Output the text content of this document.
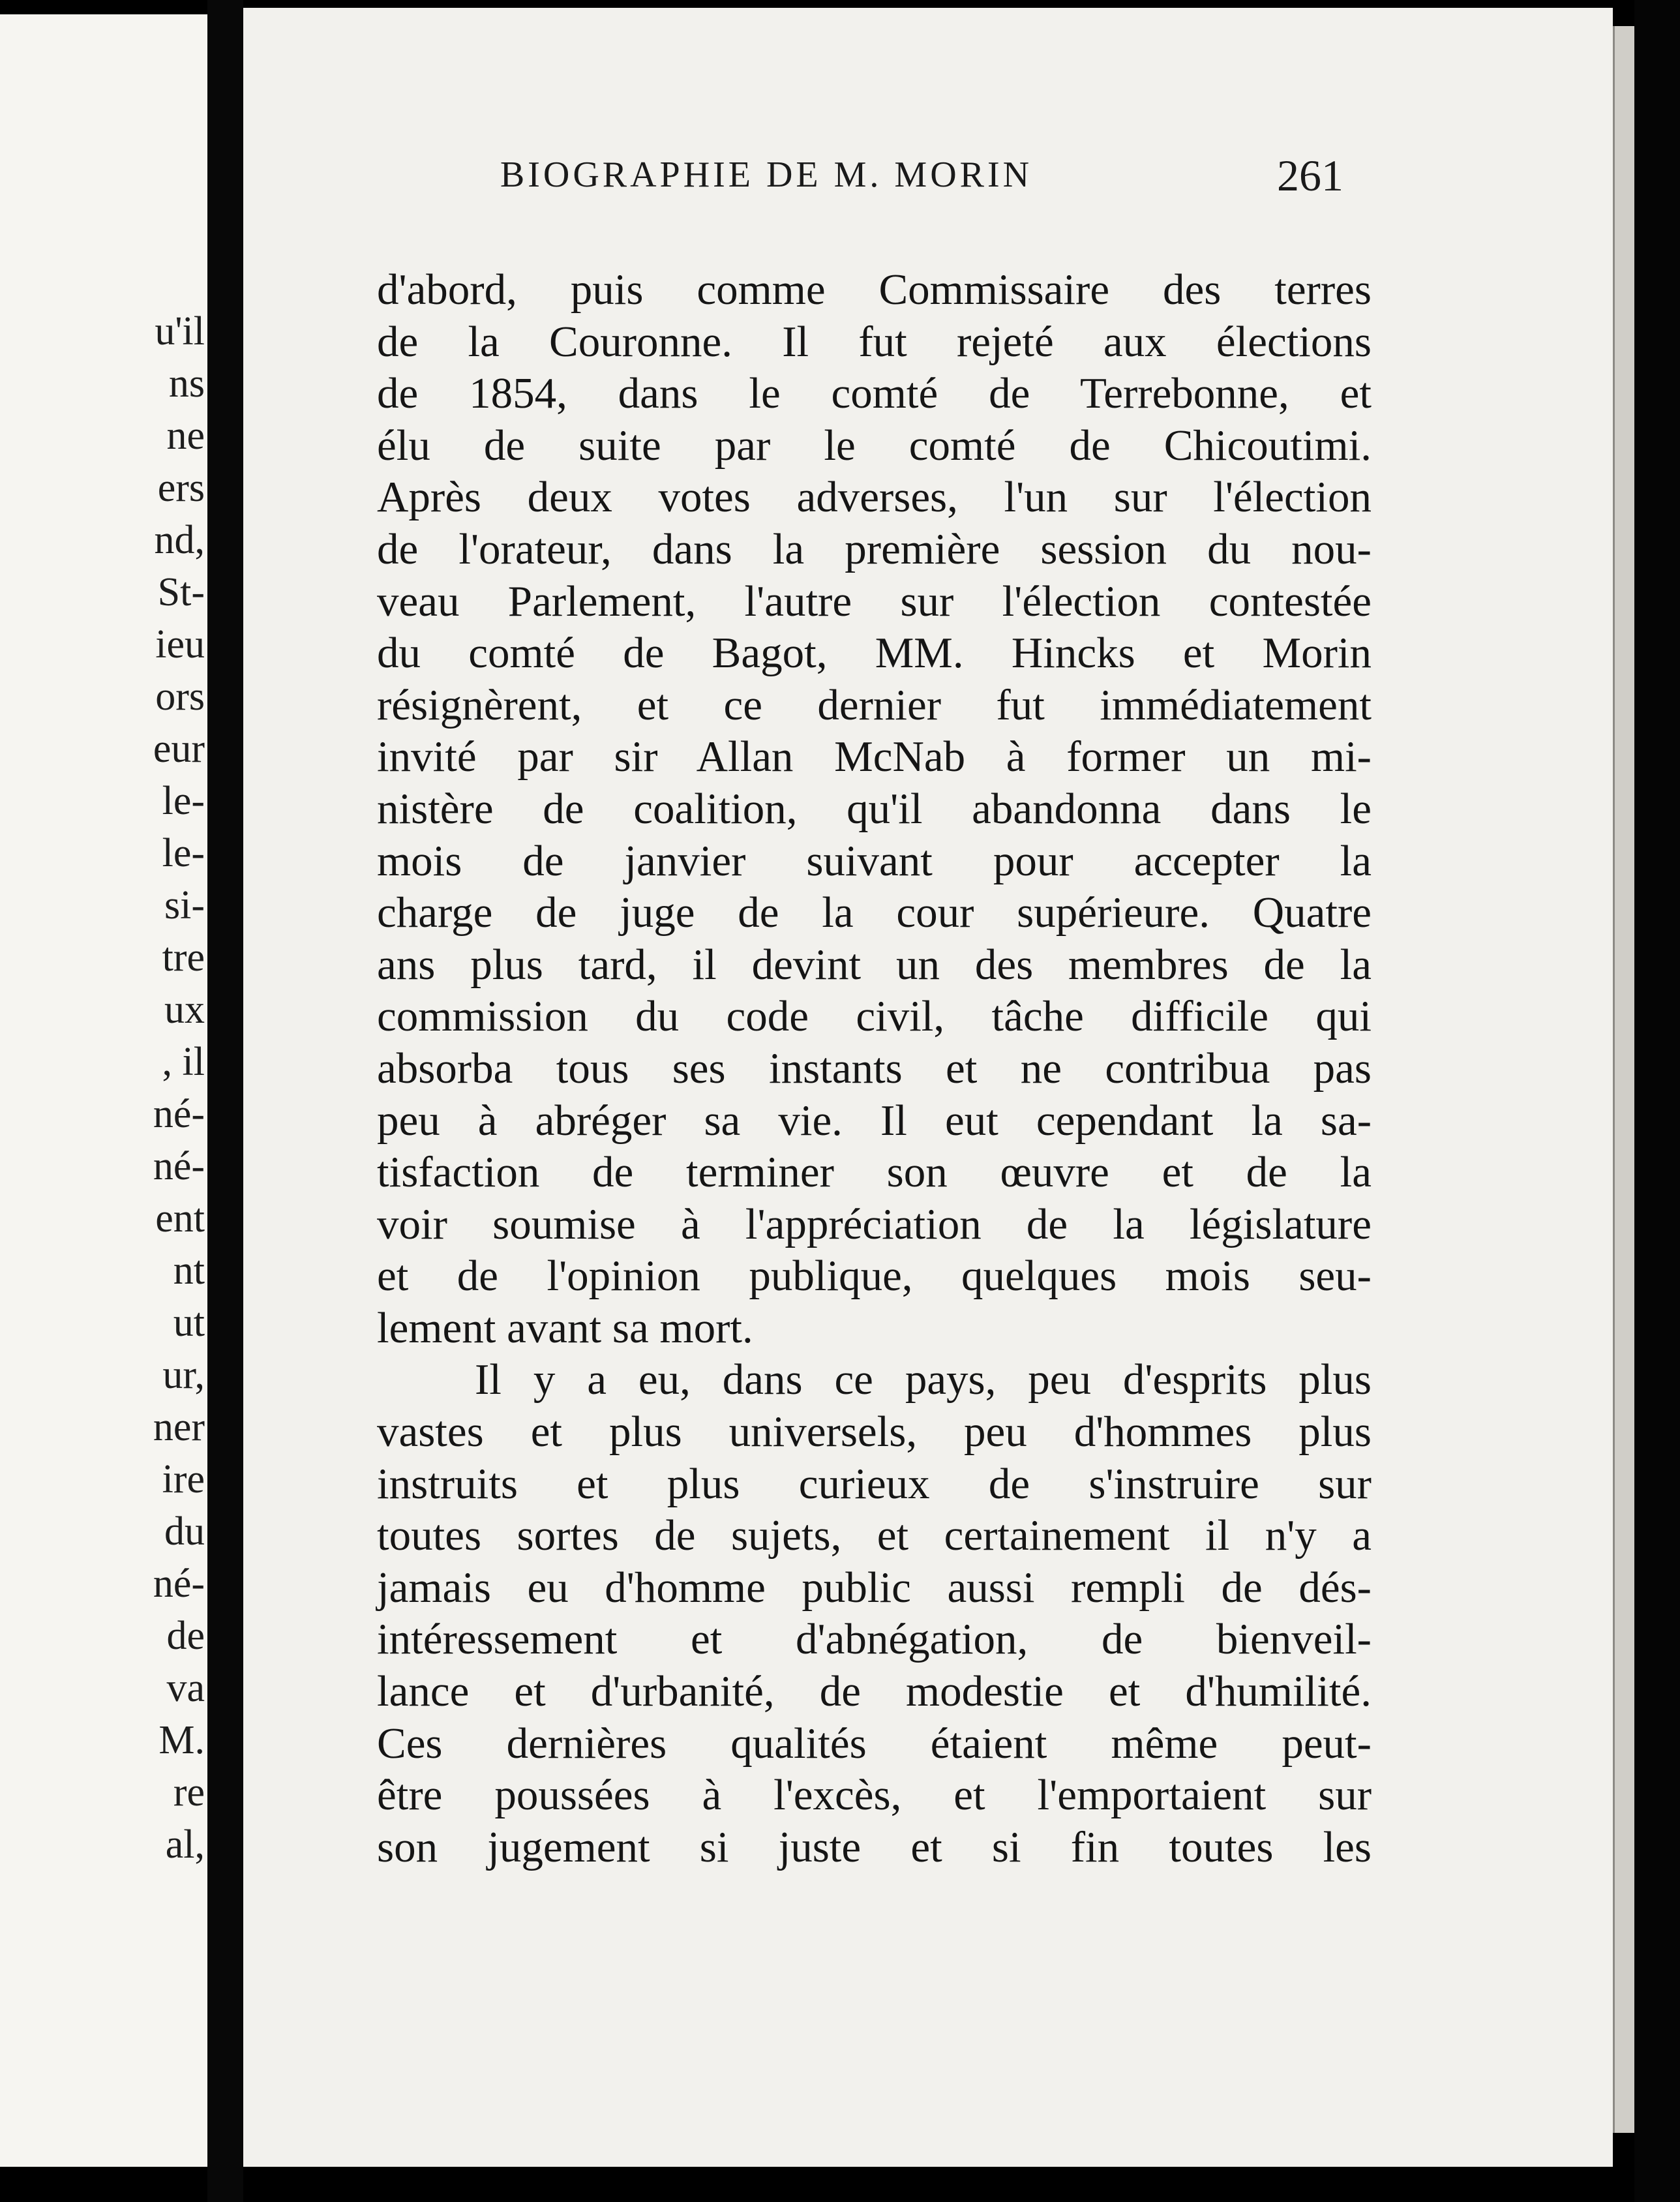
u'il
ns
ne
ers
nd,
St-
ieu
ors
eur
le-
le-
si-
tre
ux
, il
né-
né-
ent
nt
ut
ur,
ner
ire
du
né-
de
va
M.
re
al,
BIOGRAPHIE DE M. MORIN	261
d'abord, puis comme Commissaire des terres
de la Couronne. Il fut rejeté aux élections
de 1854, dans le comté de Terrebonne, et
élu de suite par le comté de Chicoutimi.
Après deux votes adverses, l'un sur l'élection
de l'orateur, dans la première session du nou-
veau Parlement, l'autre sur l'élection contestée
du comté de Bagot, MM. Hincks et Morin
résignèrent, et ce dernier fut immédiatement
invité par sir Allan McNab à former un mi-
nistère de coalition, qu'il abandonna dans le
mois de janvier suivant pour accepter la
charge de juge de la cour supérieure. Quatre
ans plus tard, il devint un des membres de la
commission du code civil, tâche difficile qui
absorba tous ses instants et ne contribua pas
peu à abréger sa vie. Il eut cependant la sa-
tisfaction de terminer son œuvre et de la
voir soumise à l'appréciation de la législature
et de l'opinion publique, quelques mois seu-
lement avant sa mort.
Il y a eu, dans ce pays, peu d'esprits plus
vastes et plus universels, peu d'hommes plus
instruits et plus curieux de s'instruire sur
toutes sortes de sujets, et certainement il n'y a
jamais eu d'homme public aussi rempli de dés-
intéressement et d'abnégation, de bienveil-
lance et d'urbanité, de modestie et d'humilité.
Ces dernières qualités étaient même peut-
être poussées à l'excès, et l'emportaient sur
son jugement si juste et si fin toutes les
